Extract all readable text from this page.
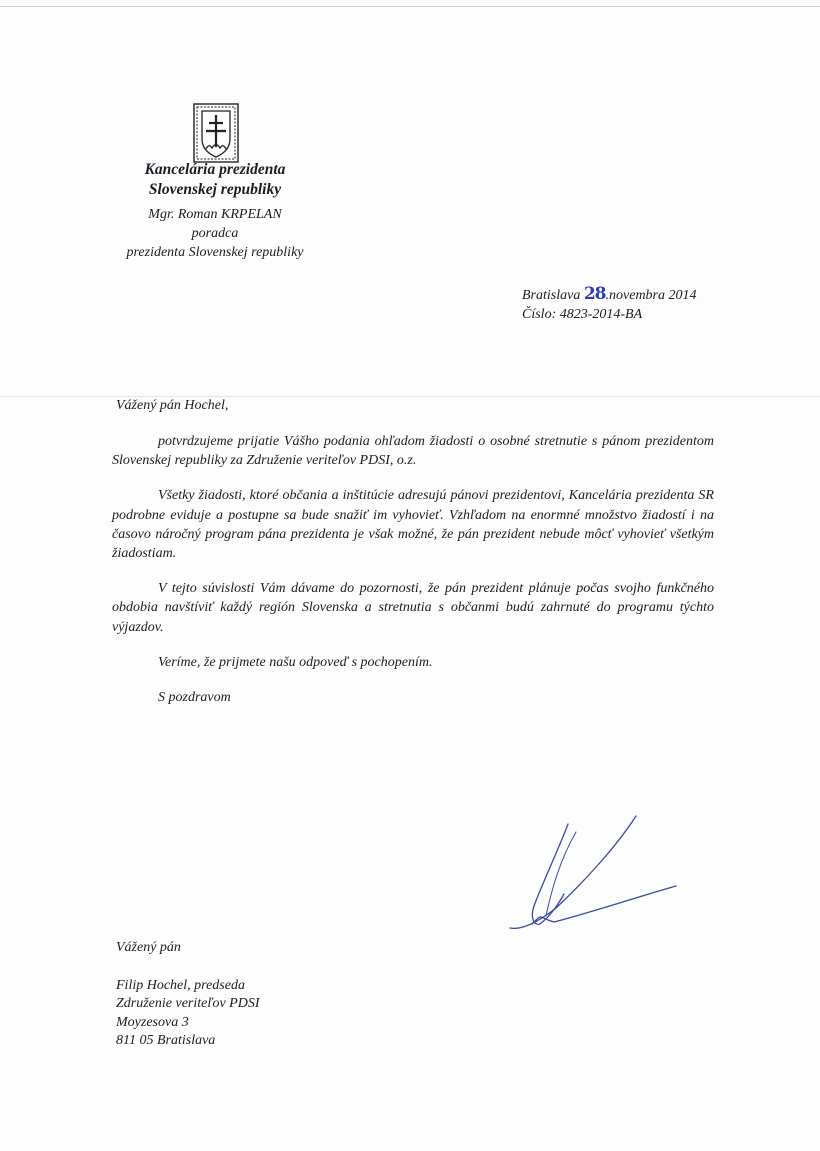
Kancelária prezidenta
Slovenskej republiky
Mgr. Roman KRPELAN
poradca
prezidenta Slovenskej republiky
Bratislava 28.novembra 2014
Číslo: 4823-2014-BA
Vážený pán Hochel,

potvrdzujeme prijatie Vášho podania ohľadom žiadosti o osobné stretnutie s pánom prezidentom Slovenskej republiky za Združenie veriteľov PDSI, o.z.

Všetky žiadosti, ktoré občania a inštitúcie adresujú pánovi prezidentovi, Kancelária prezidenta SR podrobne eviduje a postupne sa bude snažiť im vyhovieť. Vzhľadom na enormné množstvo žiadostí i na časovo náročný program pána prezidenta je však možné, že pán prezident nebude môcť vyhovieť všetkým žiadostiam.

V tejto súvislosti Vám dávame do pozornosti, že pán prezident plánuje počas svojho funkčného obdobia navštíviť každý región Slovenska a stretnutia s občanmi budú zahrnuté do programu týchto výjazdov.

Veríme, že prijmete našu odpoveď s pochopením.

S pozdravom

Vážený pán
Filip Hochel, predseda
Združenie veriteľov PDSI
Moyzesova 3
811 05 Bratislava
